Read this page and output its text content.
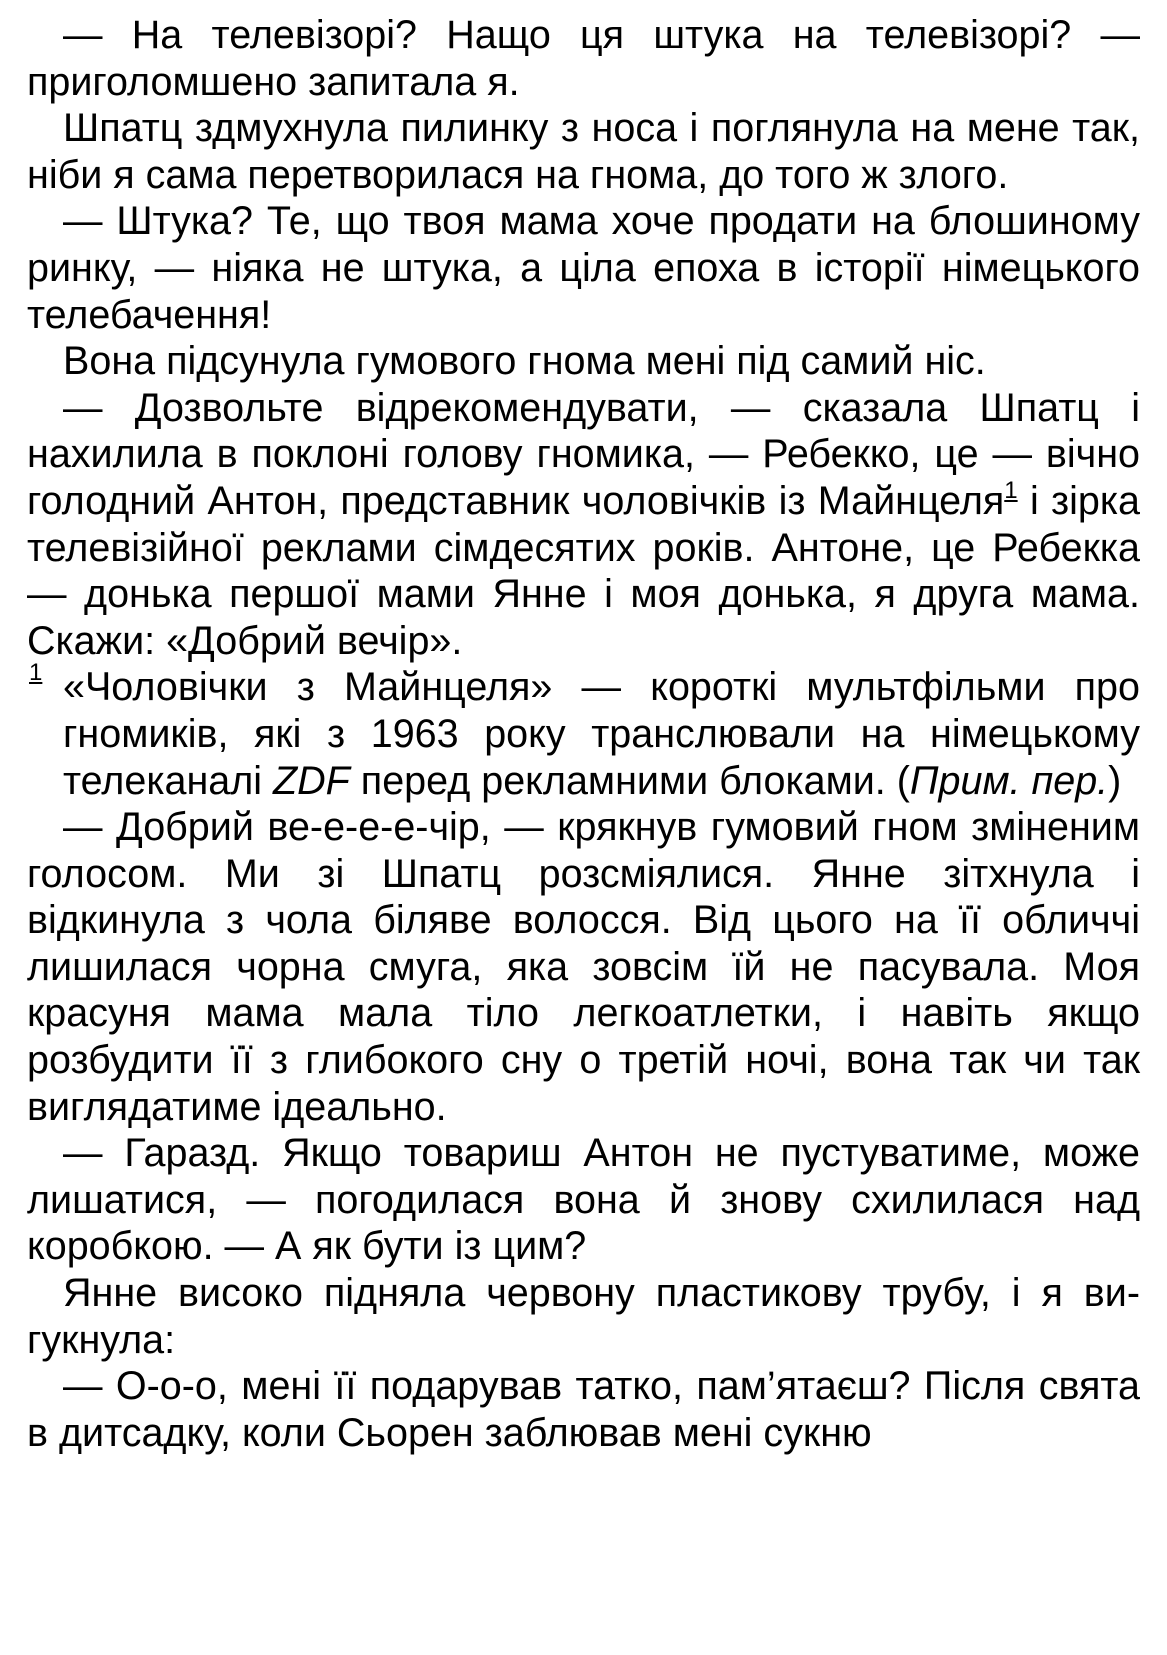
— На телевізорі? Нащо ця штука на телевізорі? — приголомшено запитала я.

Шпатц здмухнула пилинку з носа і поглянула на мене так, ніби я сама перетворилася на гнома, до того ж злого.

— Штука? Те, що твоя мама хоче продати на блошиному ринку, — ніяка не штука, а ціла епоха в історії німецького телебачення!

Вона підсунула гумового гнома мені під самий ніс.

— Дозвольте відрекомендувати, — сказала Шпатц і нахилила в поклоні голову гномика, — Ребекко, це — вічно голодний Антон, представник чоловічків із Майнцеля$^1$ і зірка телевізійної реклами сімдесятих років. Антоне, це Ребекка — донька першої мами Янне і моя донька, я друга мама. Скажи: «Добрий вечір».

1 «Чоловічки з Майнцеля» — короткі мультфільми про гномиків, які з 1963 року транслювали на німецькому телеканалі ZDF перед рекламними блоками. (Прим. пер.)

— Добрий ве-е-е-е-чір, — крякнув гумовий гном зміненим голосом. Ми зі Шпатц розсміялися. Янне зітхнула і відкинула з чола біляве волосся. Від цього на її обличчі лишилася чорна смуга, яка зовсім їй не пасувала. Моя красуня мама мала тіло легкоатлетки, і навіть якщо розбудити її з глибокого сну о третій ночі, вона так чи так виглядатиме ідеально.

— Гаразд. Якщо товариш Антон не пустуватиме, може лишатися, — погодилася вона й знову схилилася над коробкою. — А як бути із цим?

Янне високо підняла червону пластикову трубу, і я вигукнула:

— О-о-о, мені її подарував татко, пам’ятаєш? Після свята в дитсадку, коли Сьорен заблював мені сукню
